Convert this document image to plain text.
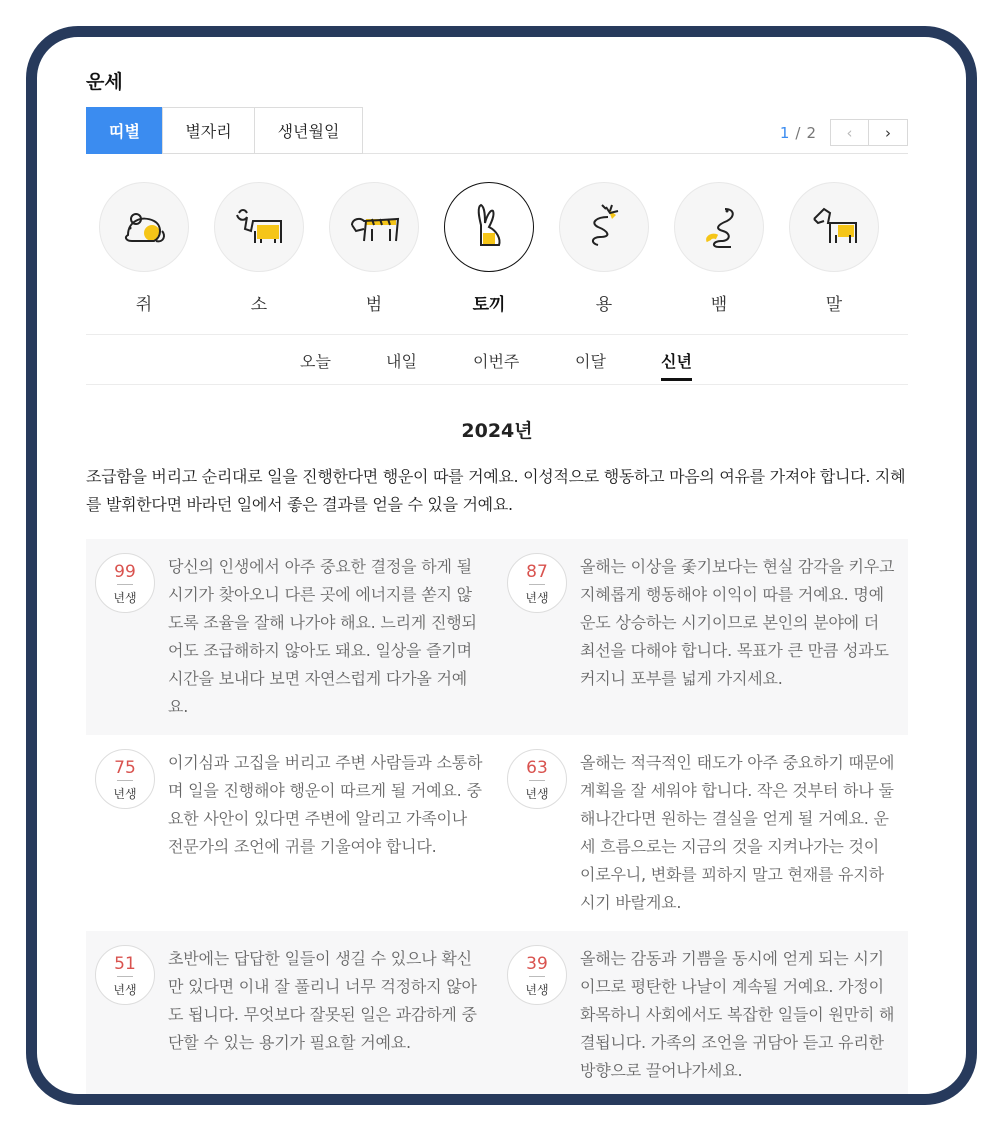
운세
띠별	별자리	생년월일	1 / 2 ‹ ›
쥐	소	범	토끼	용	뱀	말
오늘	내일	이번주	이달	신년
2024년
조급함을 버리고 순리대로 일을 진행한다면 행운이 따를 거예요. 이성적으로 행동하고 마음의 여유를 가져야 합니다. 지혜를 발휘한다면 바라던 일에서 좋은 결과를 얻을 수 있을 거예요.
99
년생
당신의 인생에서 아주 중요한 결정을 하게 될 시기가 찾아오니 다른 곳에 에너지를 쏟지 않도록 조율을 잘해 나가야 해요. 느리게 진행되어도 조급해하지 않아도 돼요. 일상을 즐기며 시간을 보내다 보면 자연스럽게 다가올 거예요.
87
년생
올해는 이상을 좇기보다는 현실 감각을 키우고 지혜롭게 행동해야 이익이 따를 거예요. 명예운도 상승하는 시기이므로 본인의 분야에 더 최선을 다해야 합니다. 목표가 큰 만큼 성과도 커지니 포부를 넓게 가지세요.
75
년생
이기심과 고집을 버리고 주변 사람들과 소통하며 일을 진행해야 행운이 따르게 될 거예요. 중요한 사안이 있다면 주변에 알리고 가족이나 전문가의 조언에 귀를 기울여야 합니다.
63
년생
올해는 적극적인 태도가 아주 중요하기 때문에 계획을 잘 세워야 합니다. 작은 것부터 하나 둘 해나간다면 원하는 결실을 얻게 될 거예요. 운세 흐름으로는 지금의 것을 지켜나가는 것이 이로우니, 변화를 꾀하지 말고 현재를 유지하시기 바랄게요.
51
년생
초반에는 답답한 일들이 생길 수 있으나 확신만 있다면 이내 잘 풀리니 너무 걱정하지 않아도 됩니다. 무엇보다 잘못된 일은 과감하게 중단할 수 있는 용기가 필요할 거예요.
39
년생
올해는 감동과 기쁨을 동시에 얻게 되는 시기이므로 평탄한 나날이 계속될 거예요. 가정이 화목하니 사회에서도 복잡한 일들이 원만히 해결됩니다. 가족의 조언을 귀담아 듣고 유리한 방향으로 끌어나가세요.
